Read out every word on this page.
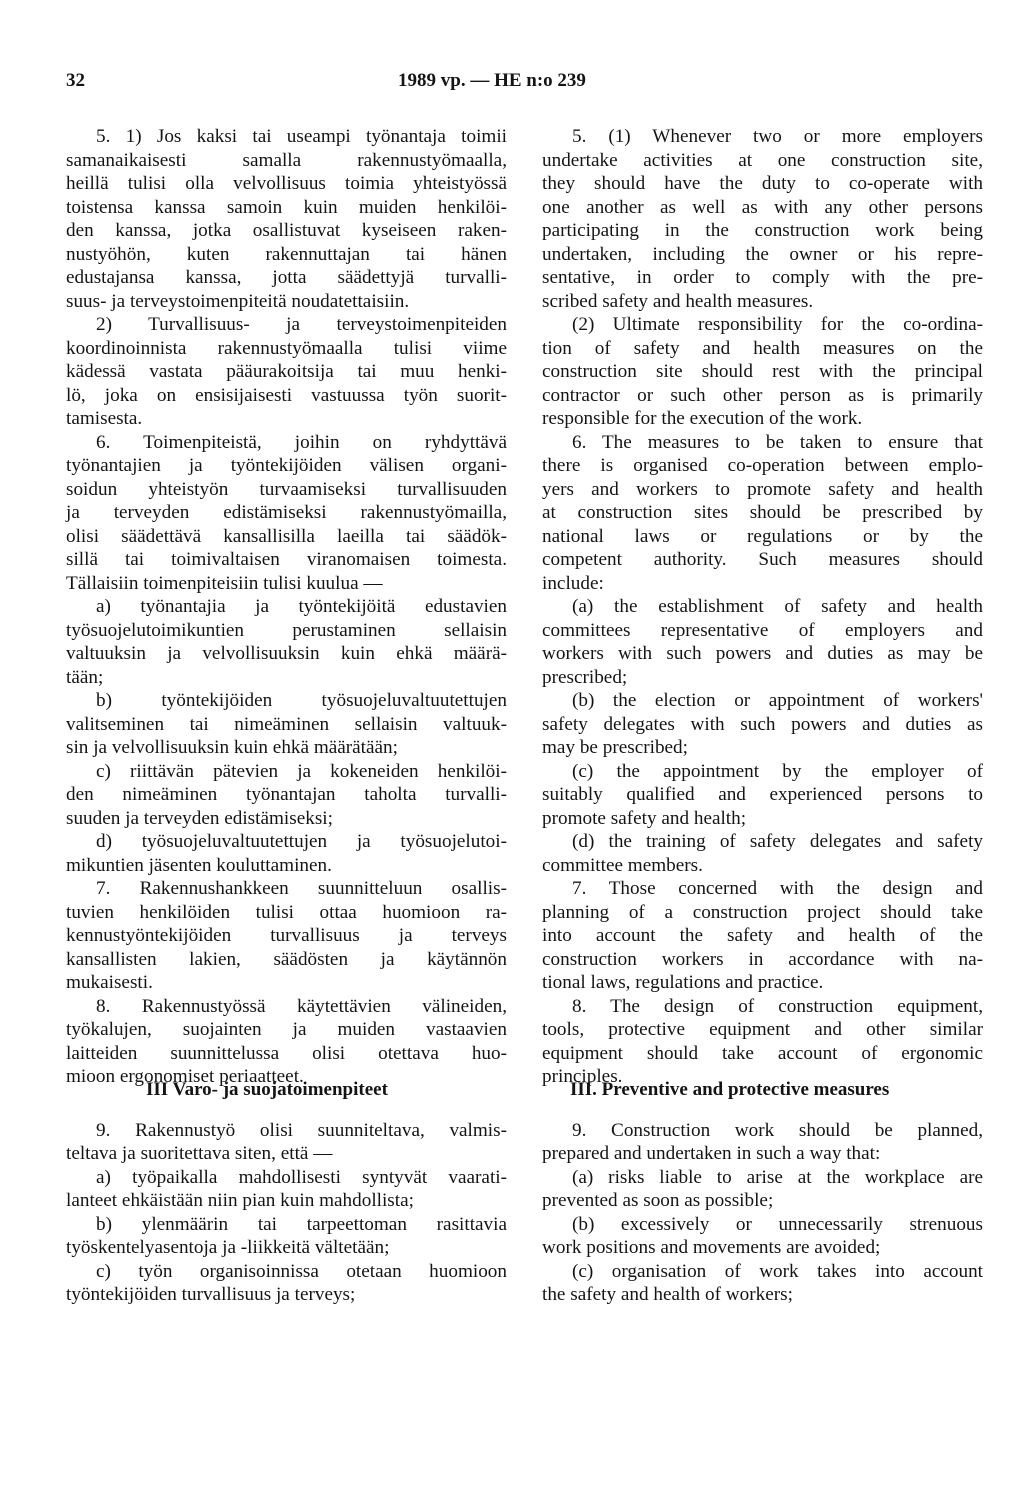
32	1989 vp. — HE n:o 239
5. 1) Jos kaksi tai useampi työnantaja toimii
samanaikaisesti samalla rakennustyömaalla,
heillä tulisi olla velvollisuus toimia yhteistyössä
toistensa kanssa samoin kuin muiden henkilöi-
den kanssa, jotka osallistuvat kyseiseen raken-
nustyöhön, kuten rakennuttajan tai hänen
edustajansa kanssa, jotta säädettyjä turvalli-
suus- ja terveystoimenpiteitä noudatettaisiin.
2) Turvallisuus- ja terveystoimenpiteiden
koordinoinnista rakennustyömaalla tulisi viime
kädessä vastata pääurakoitsija tai muu henki-
lö, joka on ensisijaisesti vastuussa työn suorit-
tamisesta.
6. Toimenpiteistä, joihin on ryhdyttävä
työnantajien ja työntekijöiden välisen organi-
soidun yhteistyön turvaamiseksi turvallisuuden
ja terveyden edistämiseksi rakennustyömailla,
olisi säädettävä kansallisilla laeilla tai säädök-
sillä tai toimivaltaisen viranomaisen toimesta.
Tällaisiin toimenpiteisiin tulisi kuulua —
a) työnantajia ja työntekijöitä edustavien
työsuojelutoimikuntien perustaminen sellaisin
valtuuksin ja velvollisuuksin kuin ehkä määrä-
tään;
b) työntekijöiden työsuojeluvaltuutettujen
valitseminen tai nimeäminen sellaisin valtuuk-
sin ja velvollisuuksin kuin ehkä määrätään;
c) riittävän pätevien ja kokeneiden henkilöi-
den nimeäminen työnantajan taholta turvalli-
suuden ja terveyden edistämiseksi;
d) työsuojeluvaltuutettujen ja työsuojelutoi-
mikuntien jäsenten kouluttaminen.
7. Rakennushankkeen suunnitteluun osallis-
tuvien henkilöiden tulisi ottaa huomioon ra-
kennustyöntekijöiden turvallisuus ja terveys
kansallisten lakien, säädösten ja käytännön
mukaisesti.
8. Rakennustyössä käytettävien välineiden,
työkalujen, suojainten ja muiden vastaavien
laitteiden suunnittelussa olisi otettava huo-
mioon ergonomiset periaatteet.
5. (1) Whenever two or more employers
undertake activities at one construction site,
they should have the duty to co-operate with
one another as well as with any other persons
participating in the construction work being
undertaken, including the owner or his repre-
sentative, in order to comply with the pre-
scribed safety and health measures.
(2) Ultimate responsibility for the co-ordina-
tion of safety and health measures on the
construction site should rest with the principal
contractor or such other person as is primarily
responsible for the execution of the work.
6. The measures to be taken to ensure that
there is organised co-operation between emplo-
yers and workers to promote safety and health
at construction sites should be prescribed by
national laws or regulations or by the
competent authority. Such measures should
include:
(a) the establishment of safety and health
committees representative of employers and
workers with such powers and duties as may be
prescribed;
(b) the election or appointment of workers'
safety delegates with such powers and duties as
may be prescribed;
(c) the appointment by the employer of
suitably qualified and experienced persons to
promote safety and health;
(d) the training of safety delegates and safety
committee members.
7. Those concerned with the design and
planning of a construction project should take
into account the safety and health of the
construction workers in accordance with na-
tional laws, regulations and practice.
8. The design of construction equipment,
tools, protective equipment and other similar
equipment should take account of ergonomic
principles.

III Varo- ja suojatoimenpiteet

9. Rakennustyö olisi suunniteltava, valmis-
teltava ja suoritettava siten, että —
a) työpaikalla mahdollisesti syntyvät vaarati-
lanteet ehkäistään niin pian kuin mahdollista;
b) ylenmäärin tai tarpeettoman rasittavia
työskentelyasentoja ja -liikkeitä vältetään;
c) työn organisoinnissa otetaan huomioon
työntekijöiden turvallisuus ja terveys;

III. Preventive and protective measures

9. Construction work should be planned,
prepared and undertaken in such a way that:
(a) risks liable to arise at the workplace are
prevented as soon as possible;
(b) excessively or unnecessarily strenuous
work positions and movements are avoided;
(c) organisation of work takes into account
the safety and health of workers;
